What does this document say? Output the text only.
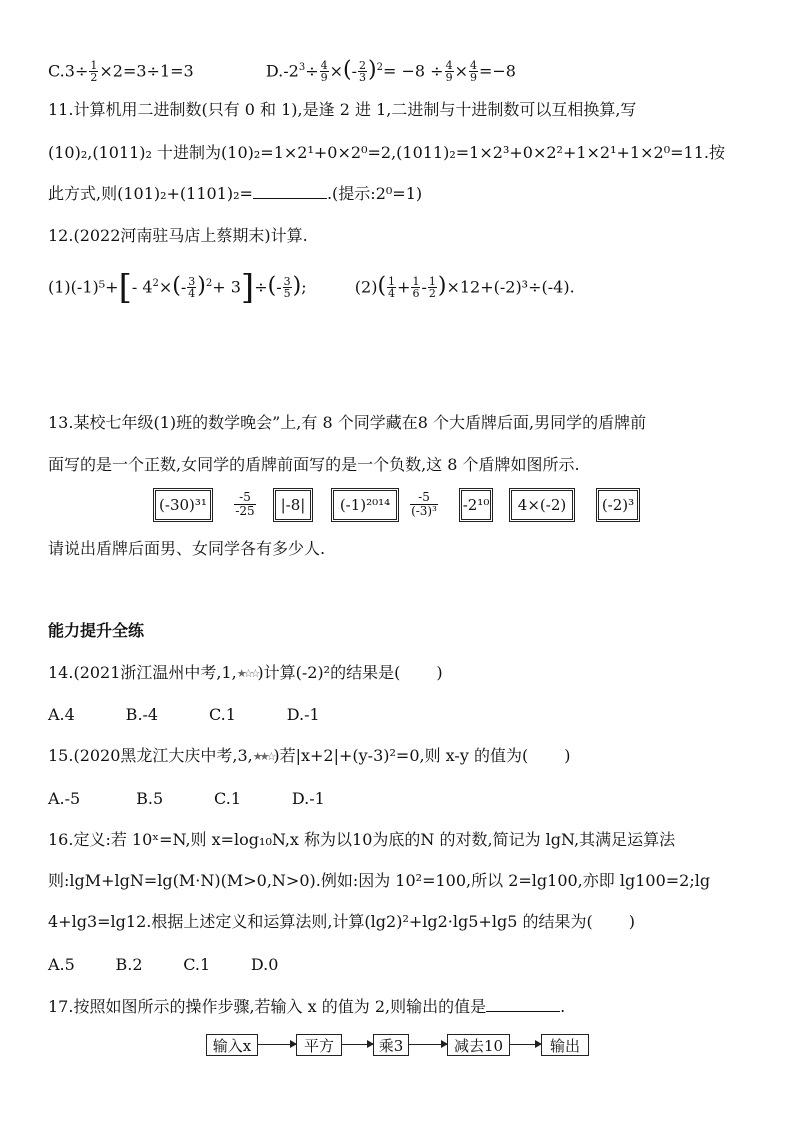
$C.3\div \frac{1}{2} \times 2=3\div 1=3$	$D.-2^3\div \frac{4}{9}$ ×(- $\frac{2}{3} )^2= -8 \div \frac{4}{9} \times \frac{4}{9} =-8$
11.计算机用二进制数(只有 0 和 1),是逢 2 进 1,二进制与十进制数可以互相换算,写
(10)₂,(1011)₂ 十进制为(10)₂=1×2¹+0×2⁰=2,(1011)₂=1×2³+0×2²+1×2¹+1×2⁰=11.按
此方式,则(101)₂+(1101)₂=	.(提示:2⁰=1)
12.(2022河南驻马店上蔡期末)计算.
(1)(-1)⁵+[- $4^2\times(- \frac{3}{4} )^2+ 3]\div(- \frac{3}{5}$ );	$(2)( \frac{1}{4} + \frac{1}{6} - \frac{1}{2} )\times 12+(-2)^3\div(-4)$.
13.某校七年级(1)班的数学晚会”上,有 8 个同学藏在8 个大盾牌后面,男同学的盾牌前
面写的是一个正数,女同学的盾牌前面写的是一个负数,这 8 个盾牌如图所示.
(-30)³¹	$\frac{-5}{-25}$	|-8|	(-1)²⁰¹⁴	$\frac{-5}{\text{(-3)³}} -2^{10}$	4×(-2)	(-2)³
请说出盾牌后面男、女同学各有多少人.
能力提升全练
14.(2021浙江温州中考,1,★☆☆)计算(-2)²的结果是( )
A.4          B.-4          C.1          D.-1
15.(2020黑龙江大庆中考,3,★★☆)若|x+2|+(y-3)²=0,则 x-y 的值为( )
A.-5           B.5          C.1          D.-1
16.定义:若 10ˣ=N,则 x=log₁₀N,x 称为以10为底的N 的对数,简记为 lgN,其满足运算法
则:lgM+lgN=lg(M·N)(M>0,N>0).例如:因为 10²=100,所以 2=lg100,亦即 lg100=2;lg
4+lg3=lg12.根据上述定义和运算法则,计算(lg2)²+lg2·lg5+lg5 的结果为( )
A.5        B.2        C.1        D.0
17.按照如图所示的操作步骤,若输入 x 的值为 2,则输出的值是	.
输入x	平方	乘3	减去10	输出
